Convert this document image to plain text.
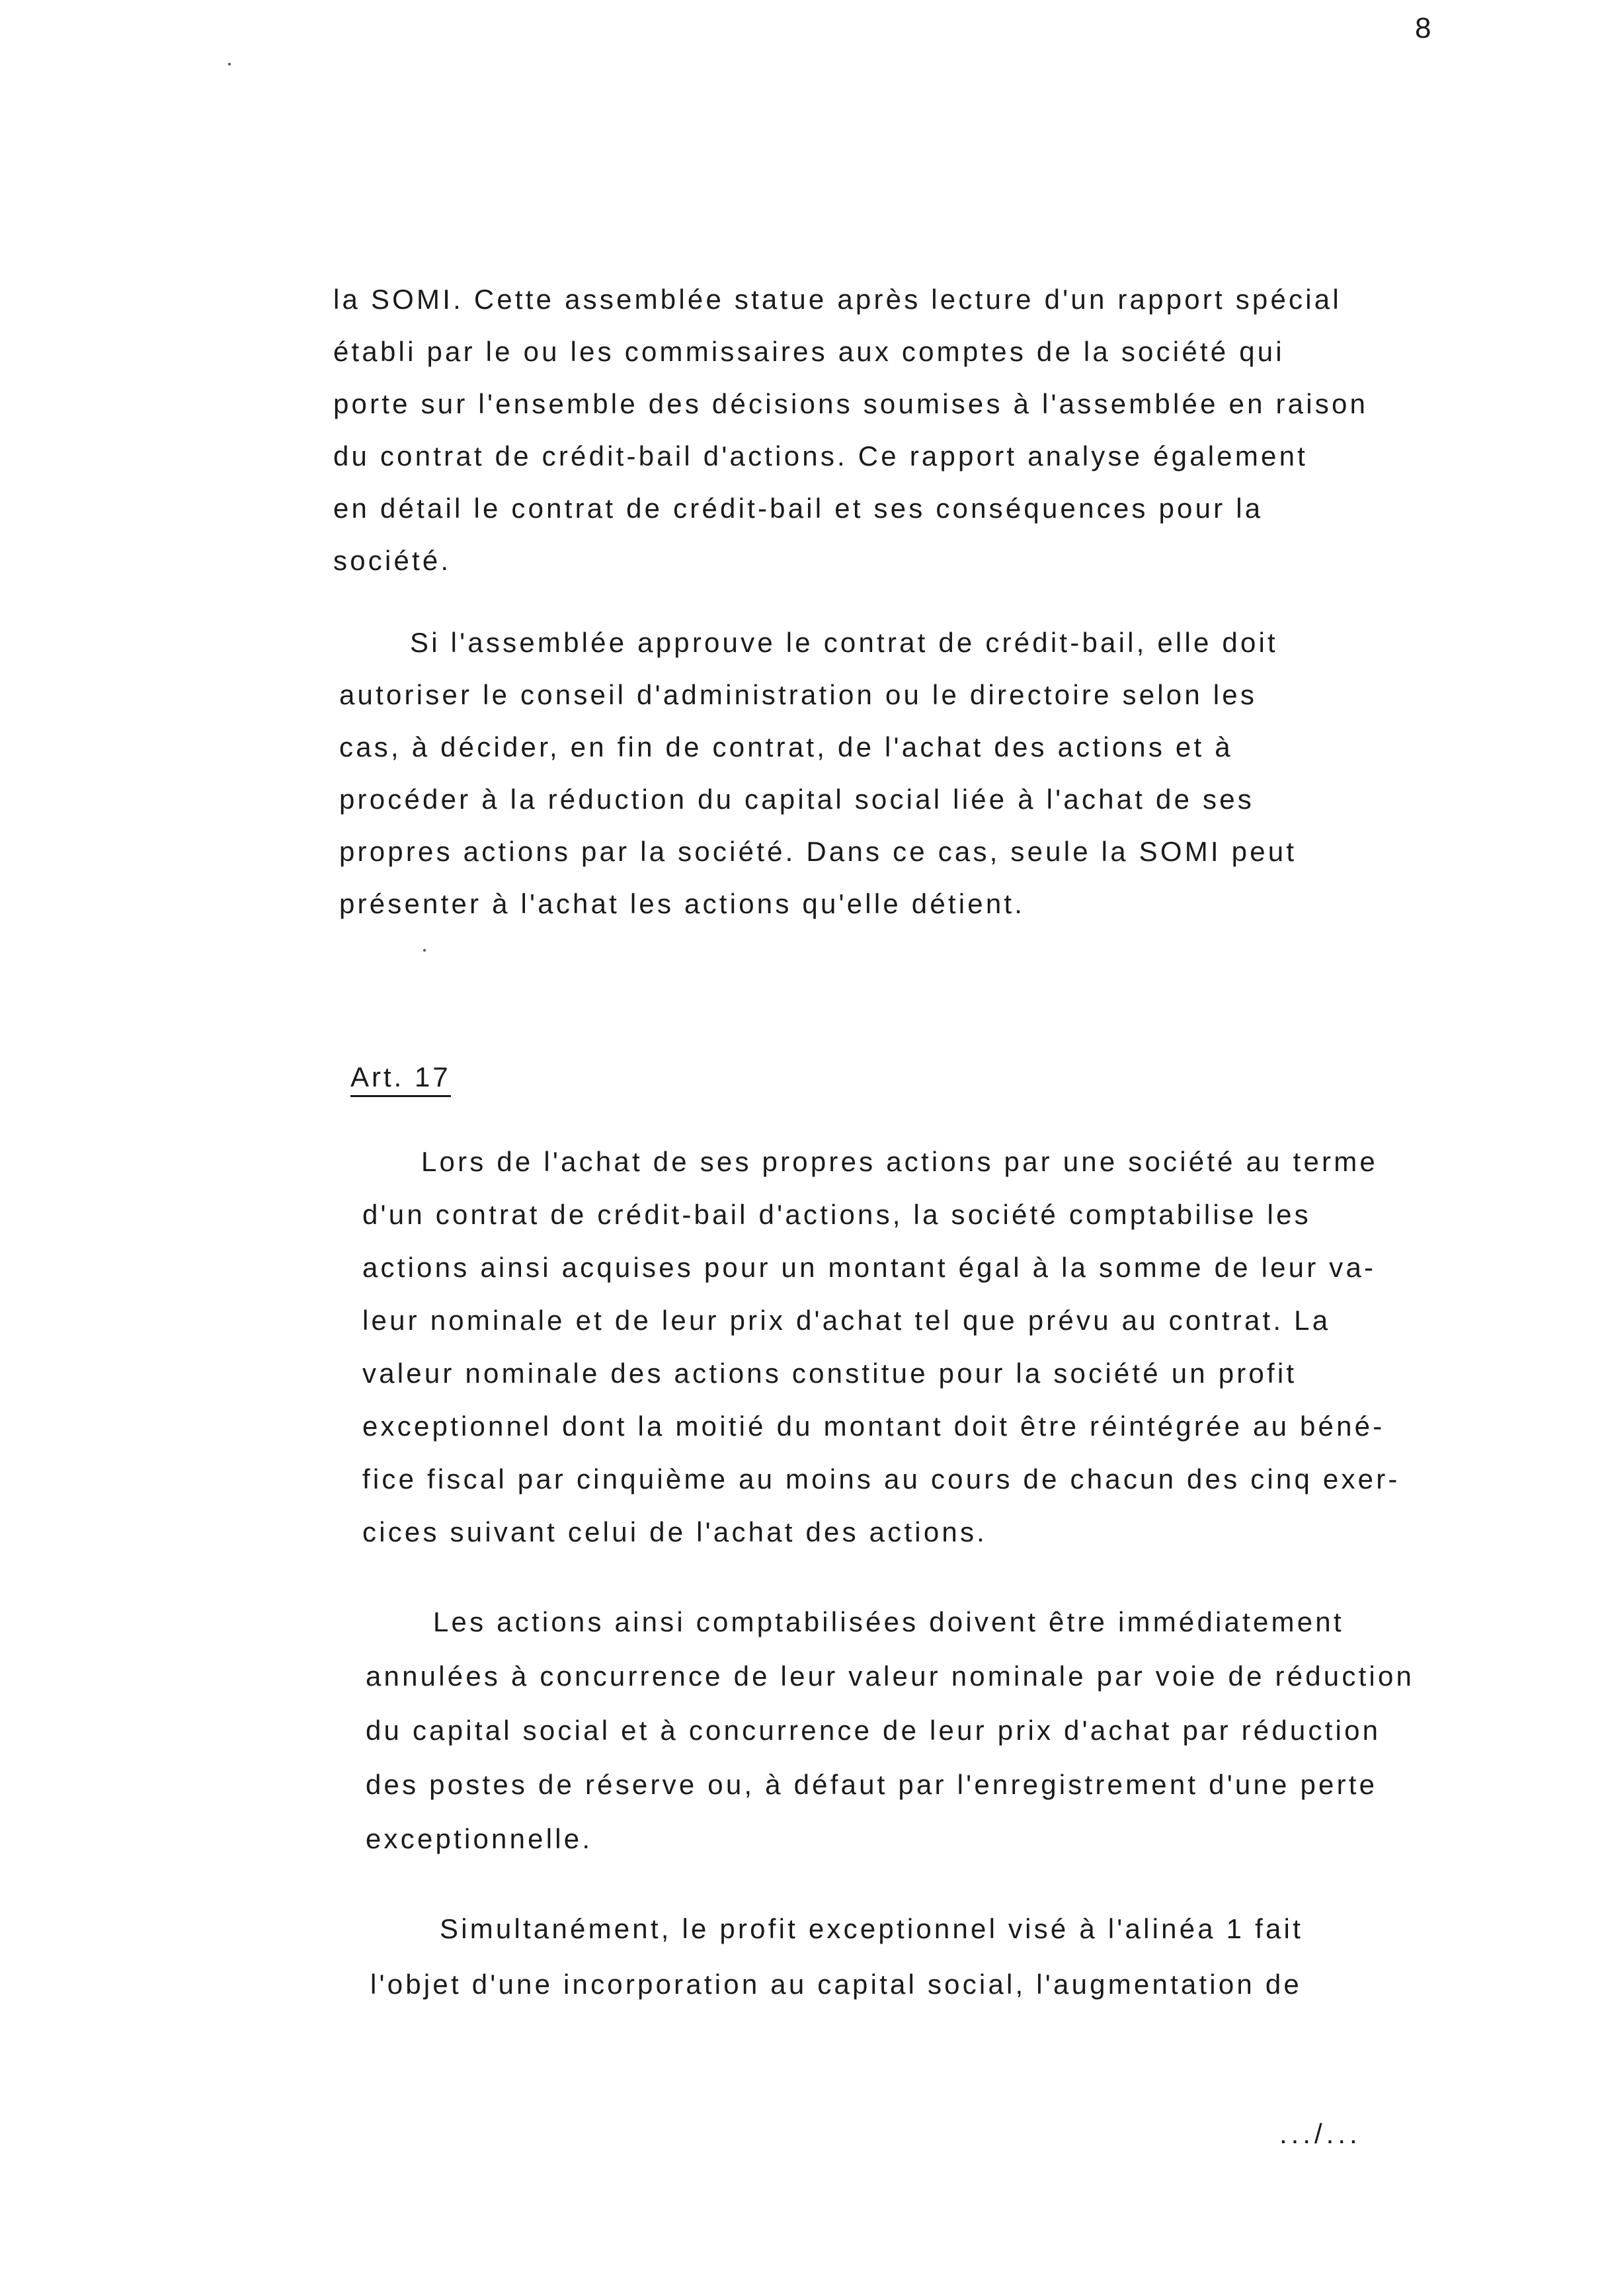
8
Art. 17
.../...
la SOMI. Cette assemblée statue après lecture d'un rapport spécial
établi par le ou les commissaires aux comptes de la société qui
porte sur l'ensemble des décisions soumises à l'assemblée en raison
du contrat de crédit-bail d'actions. Ce rapport analyse également
en détail le contrat de crédit-bail et ses conséquences pour la
société.
Si l'assemblée approuve le contrat de crédit-bail, elle doit
autoriser le conseil d'administration ou le directoire selon les
cas, à décider, en fin de contrat, de l'achat des actions et à
procéder à la réduction du capital social liée à l'achat de ses
propres actions par la société. Dans ce cas, seule la SOMI peut
présenter à l'achat les actions qu'elle détient.
Lors de l'achat de ses propres actions par une société au terme
d'un contrat de crédit-bail d'actions, la société comptabilise les
actions ainsi acquises pour un montant égal à la somme de leur va-
leur nominale et de leur prix d'achat tel que prévu au contrat. La
valeur nominale des actions constitue pour la société un profit
exceptionnel dont la moitié du montant doit être réintégrée au béné-
fice fiscal par cinquième au moins au cours de chacun des cinq exer-
cices suivant celui de l'achat des actions.
Les actions ainsi comptabilisées doivent être immédiatement
annulées à concurrence de leur valeur nominale par voie de réduction
du capital social et à concurrence de leur prix d'achat par réduction
des postes de réserve ou, à défaut par l'enregistrement d'une perte
exceptionnelle.
Simultanément, le profit exceptionnel visé à l'alinéa 1 fait
l'objet d'une incorporation au capital social, l'augmentation de
